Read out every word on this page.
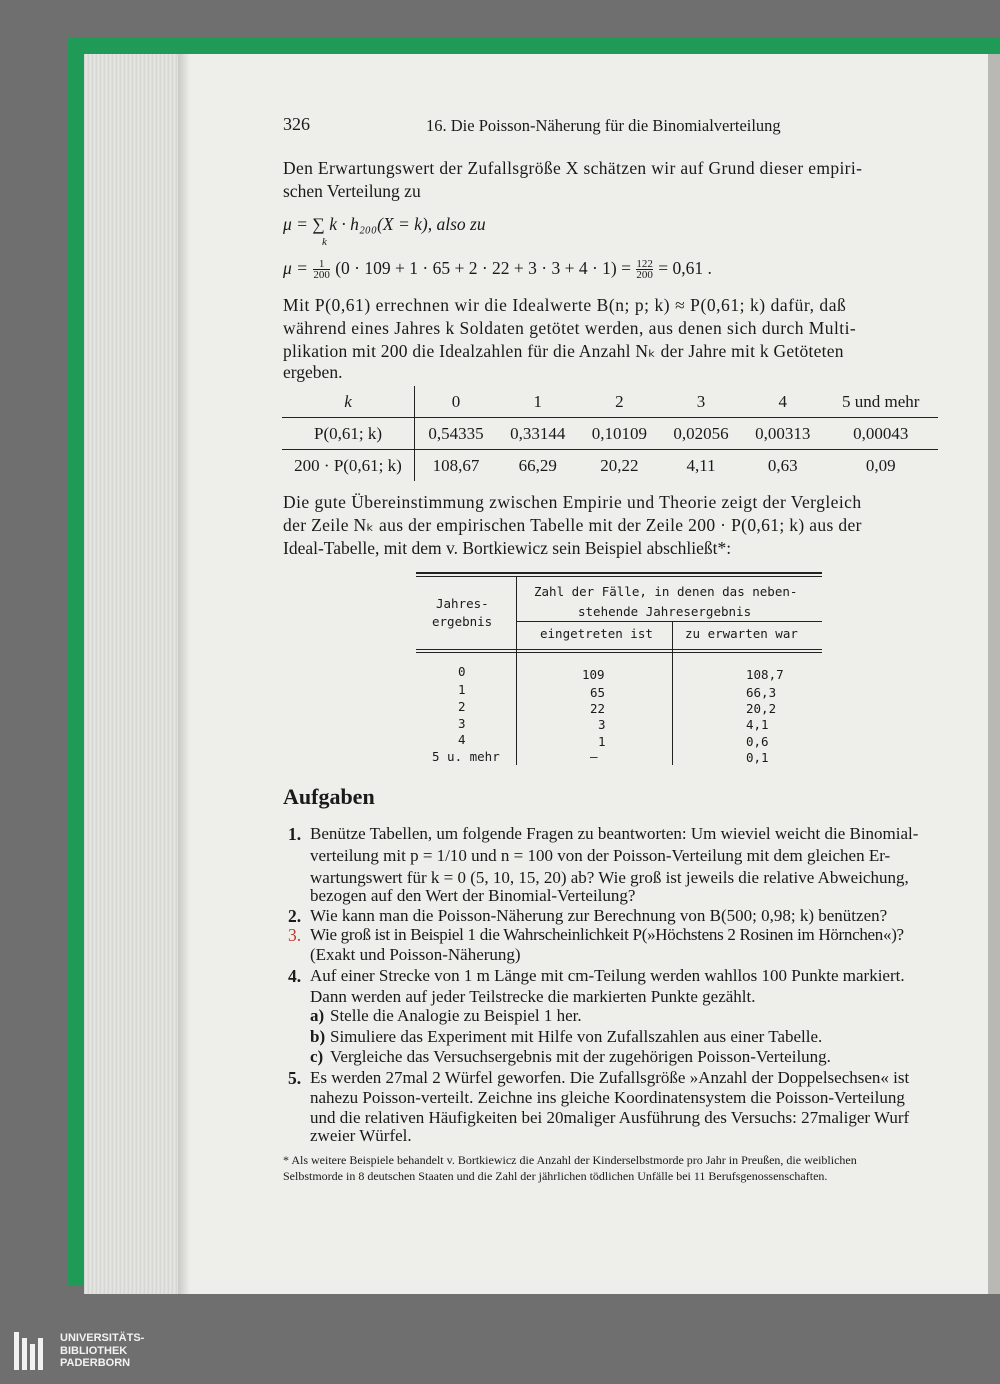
326	16. Die Poisson-Näherung für die Binomialverteilung
Den Erwartungswert der Zufallsgröße X schätzen wir auf Grund dieser empiri-
schen Verteilung zu
μ = ∑ k · h₂₀₀(X = k), also zu
k
$\mu = \frac{1}{200} (0 \cdot 109 + 1 \cdot 65 + 2 \cdot 22 + 3 \cdot 3 + 4 \cdot 1) = \frac{122}{200} = 0,61$ .
Mit P(0,61) errechnen wir die Idealwerte B(n; p; k) ≈ P(0,61; k) dafür, daß
während eines Jahres k Soldaten getötet werden, aus denen sich durch Multi-
plikation mit 200 die Idealzahlen für die Anzahl Nₖ der Jahre mit k Getöteten
ergeben.
k	0	1	2	3	4	5 und mehr
P(0,61; k)	0,54335	0,33144	0,10109	0,02056	0,00313	0,00043
200 · P(0,61; k)	108,67	66,29	20,22	4,11	0,63	0,09
Die gute Übereinstimmung zwischen Empirie und Theorie zeigt der Vergleich
der Zeile Nₖ aus der empirischen Tabelle mit der Zeile 200 · P(0,61; k) aus der
Ideal-Tabelle, mit dem v. Bortkiewicz sein Beispiel abschließt*:
Jahres-
ergebnis
Zahl der Fälle, in denen das neben-
stehende Jahresergebnis
eingetreten ist	zu erwarten war
0	109	108,7
1	65	66,3
2	22	20,2
3	3	4,1
4	1	0,6
5 u. mehr	—	0,1
Aufgaben
1. Benütze Tabellen, um folgende Fragen zu beantworten: Um wieviel weicht die Binomial-
verteilung mit p = 1/10 und n = 100 von der Poisson-Verteilung mit dem gleichen Er-
wartungswert für k = 0 (5, 10, 15, 20) ab? Wie groß ist jeweils die relative Abweichung,
bezogen auf den Wert der Binomial-Verteilung?
2. Wie kann man die Poisson-Näherung zur Berechnung von B(500; 0,98; k) benützen?
3. Wie groß ist in Beispiel 1 die Wahrscheinlichkeit P(»Höchstens 2 Rosinen im Hörnchen«)?
(Exakt und Poisson-Näherung)
4. Auf einer Strecke von 1 m Länge mit cm-Teilung werden wahllos 100 Punkte markiert.
Dann werden auf jeder Teilstrecke die markierten Punkte gezählt.
a) Stelle die Analogie zu Beispiel 1 her.
b) Simuliere das Experiment mit Hilfe von Zufallszahlen aus einer Tabelle.
c) Vergleiche das Versuchsergebnis mit der zugehörigen Poisson-Verteilung.
5. Es werden 27mal 2 Würfel geworfen. Die Zufallsgröße »Anzahl der Doppelsechsen« ist
nahezu Poisson-verteilt. Zeichne ins gleiche Koordinatensystem die Poisson-Verteilung
und die relativen Häufigkeiten bei 20maliger Ausführung des Versuchs: 27maliger Wurf
zweier Würfel.
* Als weitere Beispiele behandelt v. Bortkiewicz die Anzahl der Kinderselbstmorde pro Jahr in Preußen, die weiblichen
Selbstmorde in 8 deutschen Staaten und die Zahl der jährlichen tödlichen Unfälle bei 11 Berufsgenossenschaften.
UNIVERSITÄTS-
BIBLIOTHEK
PADERBORN
